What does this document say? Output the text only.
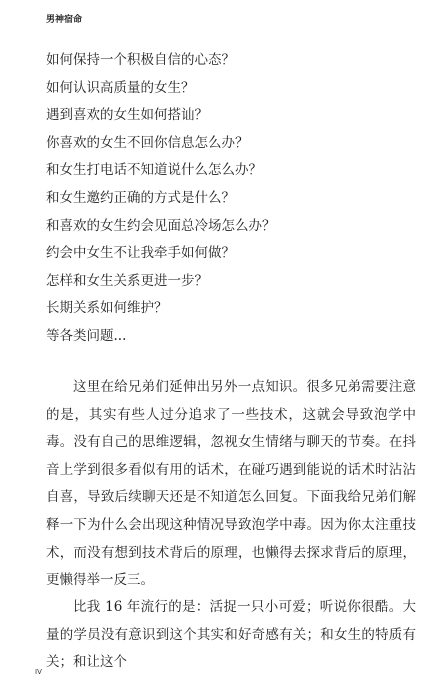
男神宿命
如何保持一个积极自信的心态？
如何认识高质量的女生？
遇到喜欢的女生如何搭讪？
你喜欢的女生不回你信息怎么办？
和女生打电话不知道说什么怎么办？
和女生邀约正确的方式是什么？
和喜欢的女生约会见面总冷场怎么办？
约会中女生不让我牵手如何做？
怎样和女生关系更进一步？
长期关系如何维护？
等各类问题...

这里在给兄弟们延伸出另外一点知识。很多兄弟需要注意的是，其实有些人过分追求了一些技术，这就会导致泡学中毒。没有自己的思维逻辑，忽视女生情绪与聊天的节奏。在抖音上学到很多看似有用的话术，在碰巧遇到能说的话术时沾沾自喜，导致后续聊天还是不知道怎么回复。下面我给兄弟们解释一下为什么会出现这种情况导致泡学中毒。因为你太注重技术，而没有想到技术背后的原理，也懒得去探求背后的原理，更懒得举一反三。

比我 16 年流行的是：活捉一只小可爱；听说你很酷。大量的学员没有意识到这个其实和好奇感有关；和女生的特质有关；和让这个

IV
